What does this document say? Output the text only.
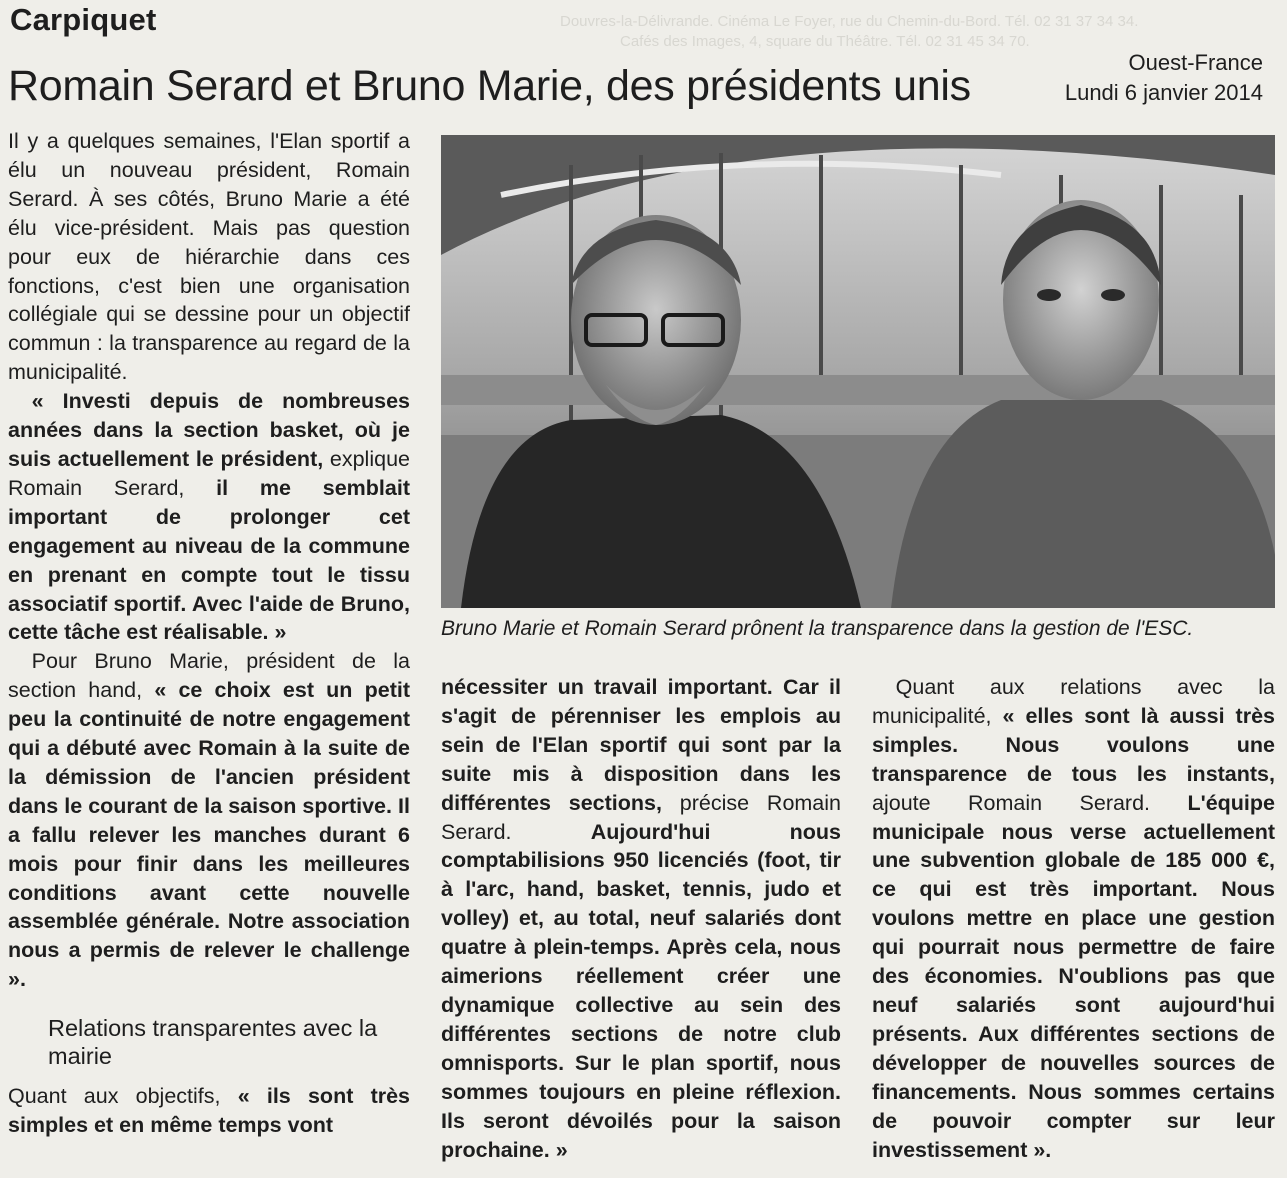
Douvres-la-Délivrande. Cinéma Le Foyer, rue du Chemin-du-Bord. Tél. 02 31 37 34 34.
Cafés des Images, 4, square du Théâtre. Tél. 02 31 45 34 70.
Carpiquet
Romain Serard et Bruno Marie, des présidents unis	Ouest-France
Lundi 6 janvier 2014

Il y a quelques semaines, l'Elan sportif a élu un nouveau président, Romain Serard. À ses côtés, Bruno Marie a été élu vice-président. Mais pas question pour eux de hiérarchie dans ces fonctions, c'est bien une organisation collégiale qui se dessine pour un objectif commun : la transparence au regard de la municipalité.

« Investi depuis de nombreuses années dans la section basket, où je suis actuellement le président, explique Romain Serard, il me semblait important de prolonger cet engagement au niveau de la commune en prenant en compte tout le tissu associatif sportif. Avec l'aide de Bruno, cette tâche est réalisable. »

Pour Bruno Marie, président de la section hand, « ce choix est un petit peu la continuité de notre engagement qui a débuté avec Romain à la suite de la démission de l'ancien président dans le courant de la saison sportive. Il a fallu relever les manches durant 6 mois pour finir dans les meilleures conditions avant cette nouvelle assemblée générale. Notre association nous a permis de relever le challenge ».

Relations transparentes avec la mairie

Quant aux objectifs, « ils sont très simples et en même temps vont

nécessiter un travail important. Car il s'agit de pérenniser les emplois au sein de l'Elan sportif qui sont par la suite mis à disposition dans les différentes sections, précise Romain Serard. Aujourd'hui nous comptabilisions 950 licenciés (foot, tir à l'arc, hand, basket, tennis, judo et volley) et, au total, neuf salariés dont quatre à plein-temps. Après cela, nous aimerions réellement créer une dynamique collective au sein des différentes sections de notre club omnisports. Sur le plan sportif, nous sommes toujours en pleine réflexion. Ils seront dévoilés pour la saison prochaine. »

Quant aux relations avec la municipalité, « elles sont là aussi très simples. Nous voulons une transparence de tous les instants, ajoute Romain Serard. L'équipe municipale nous verse actuellement une subvention globale de 185 000 €, ce qui est très important. Nous voulons mettre en place une gestion qui pourrait nous permettre de faire des économies. N'oublions pas que neuf salariés sont aujourd'hui présents. Aux différentes sections de développer de nouvelles sources de financements. Nous sommes certains de pouvoir compter sur leur investissement ».

Bruno Marie et Romain Serard prônent la transparence dans la gestion de l'ESC.
